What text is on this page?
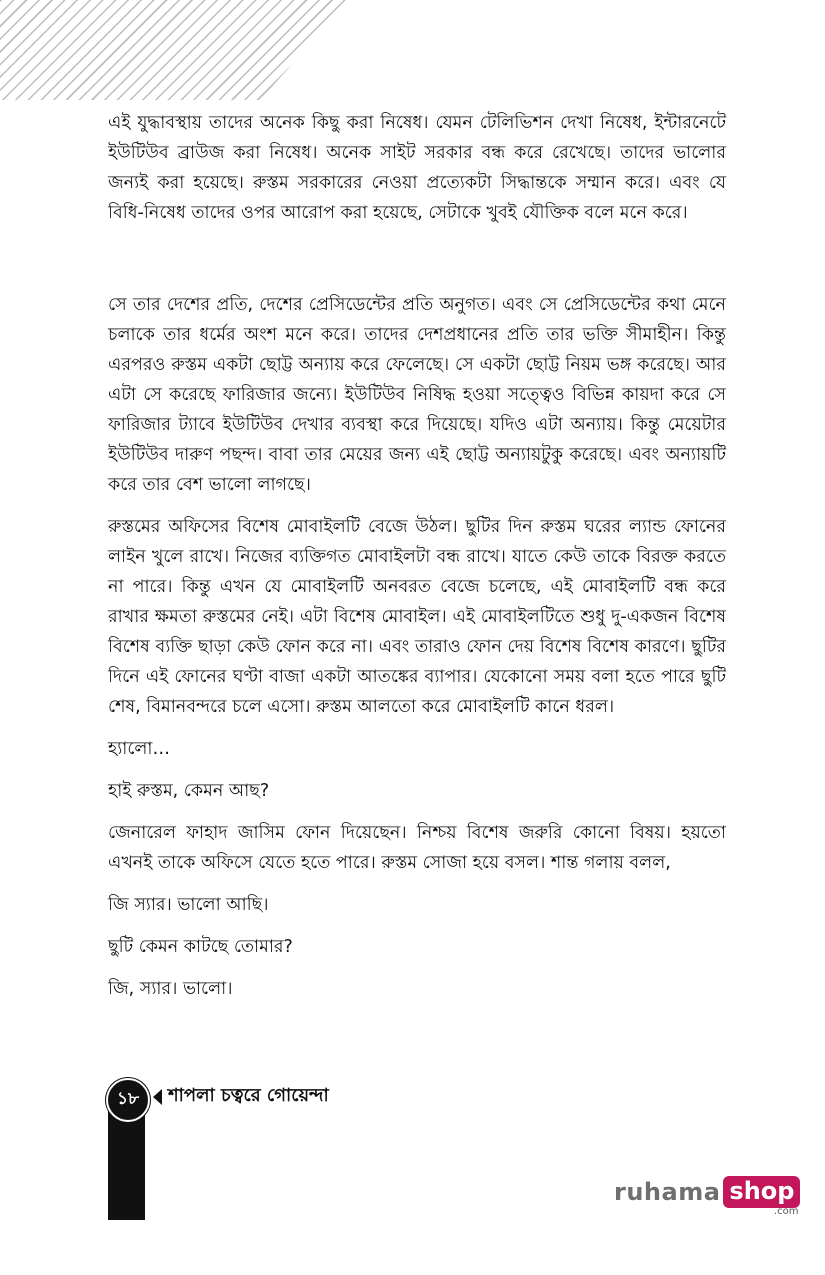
এই যুদ্ধাবস্থায় তাদের অনেক কিছু করা নিষেধ। যেমন টেলিভিশন দেখা নিষেধ, ইন্টারনেটে ইউটিউব ব্রাউজ করা নিষেধ। অনেক সাইট সরকার বন্ধ করে রেখেছে। তাদের ভালোর জন্যই করা হয়েছে। রুস্তম সরকারের নেওয়া প্রত্যেকটা সিদ্ধান্তকে সম্মান করে। এবং যে বিধি-নিষেধ তাদের ওপর আরোপ করা হয়েছে, সেটাকে খুবই যৌক্তিক বলে মনে করে।

সে তার দেশের প্রতি, দেশের প্রেসিডেন্টের প্রতি অনুগত। এবং সে প্রেসিডেন্টের কথা মেনে চলাকে তার ধর্মের অংশ মনে করে। তাদের দেশপ্রধানের প্রতি তার ভক্তি সীমাহীন। কিন্তু এরপরও রুস্তম একটা ছোট্ট অন্যায় করে ফেলেছে। সে একটা ছোট্ট নিয়ম ভঙ্গ করেছে। আর এটা সে করেছে ফারিজার জন্যে। ইউটিউব নিষিদ্ধ হওয়া সত্ত্বেও বিভিন্ন কায়দা করে সে ফারিজার ট্যাবে ইউটিউব দেখার ব্যবস্থা করে দিয়েছে। যদিও এটা অন্যায়। কিন্তু মেয়েটার ইউটিউব দারুণ পছন্দ। বাবা তার মেয়ের জন্য এই ছোট্ট অন্যায়টুকু করেছে। এবং অন্যায়টি করে তার বেশ ভালো লাগছে।

রুস্তমের অফিসের বিশেষ মোবাইলটি বেজে উঠল। ছুটির দিন রুস্তম ঘরের ল্যান্ড ফোনের লাইন খুলে রাখে। নিজের ব্যক্তিগত মোবাইলটা বন্ধ রাখে। যাতে কেউ তাকে বিরক্ত করতে না পারে। কিন্তু এখন যে মোবাইলটি অনবরত বেজে চলেছে, এই মোবাইলটি বন্ধ করে রাখার ক্ষমতা রুস্তমের নেই। এটা বিশেষ মোবাইল। এই মোবাইলটিতে শুধু দু-একজন বিশেষ বিশেষ ব্যক্তি ছাড়া কেউ ফোন করে না। এবং তারাও ফোন দেয় বিশেষ বিশেষ কারণে। ছুটির দিনে এই ফোনের ঘণ্টা বাজা একটা আতঙ্কের ব্যাপার। যেকোনো সময় বলা হতে পারে ছুটি শেষ, বিমানবন্দরে চলে এসো। রুস্তম আলতো করে মোবাইলটি কানে ধরল।

হ্যালো…

হাই রুস্তম, কেমন আছ?

জেনারেল ফাহাদ জাসিম ফোন দিয়েছেন। নিশ্চয় বিশেষ জরুরি কোনো বিষয়। হয়তো এখনই তাকে অফিসে যেতে হতে পারে। রুস্তম সোজা হয়ে বসল। শান্ত গলায় বলল,

জি স্যার। ভালো আছি।

ছুটি কেমন কাটছে তোমার?

জি, স্যার। ভালো।

১৮	শাপলা চত্বরে গোয়েন্দা
ruhama shop
.com
